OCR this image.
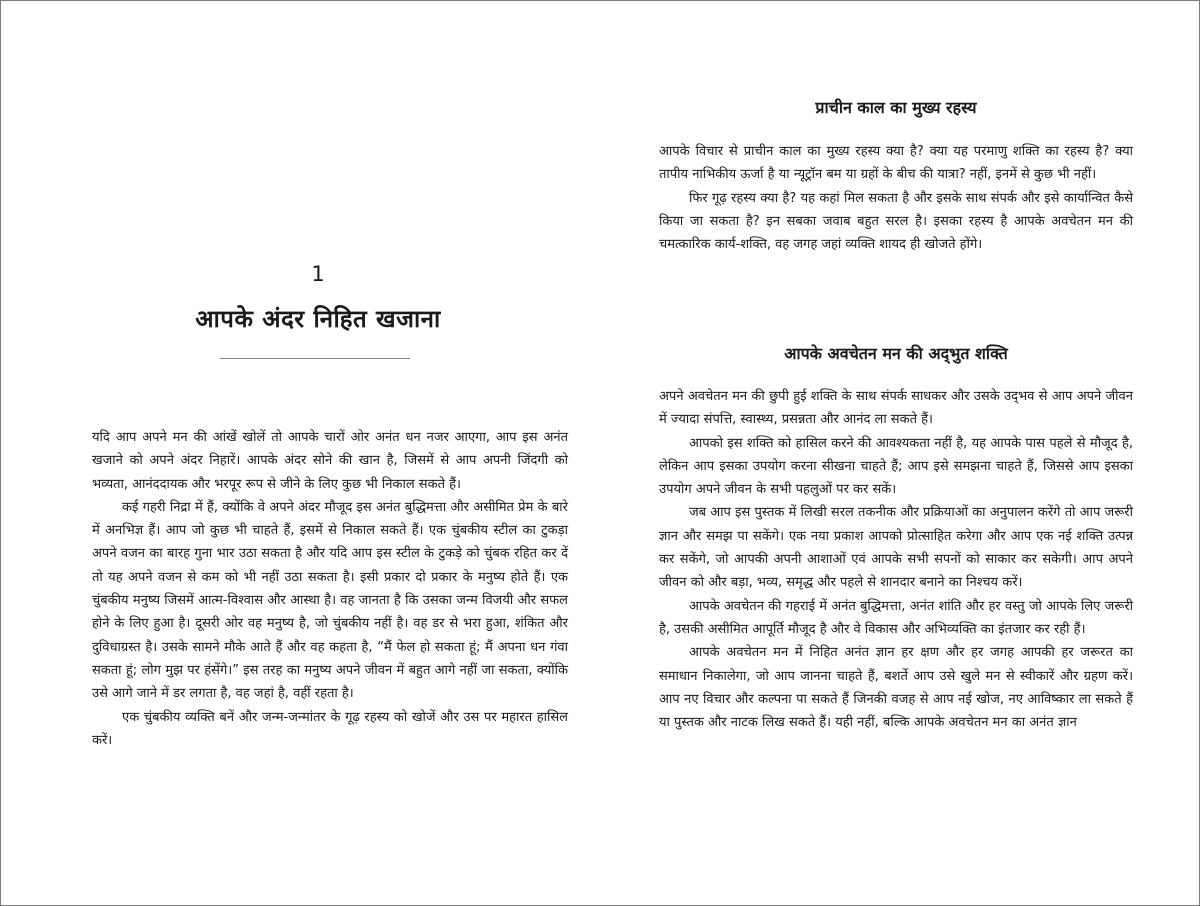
1
आपके अंदर निहित खजाना

यदि आप अपने मन की आंखें खोलें तो आपके चारों ओर अनंत धन नजर आएगा, आप इस अनंत खजाने को अपने अंदर निहारें। आपके अंदर सोने की खान है, जिसमें से आप अपनी जिंदगी को भव्यता, आनंददायक और भरपूर रूप से जीने के लिए कुछ भी निकाल सकते हैं।

कई गहरी निद्रा में हैं, क्योंकि वे अपने अंदर मौजूद इस अनंत बुद्धिमत्ता और असीमित प्रेम के बारे में अनभिज्ञ हैं। आप जो कुछ भी चाहते हैं, इसमें से निकाल सकते हैं। एक चुंबकीय स्टील का टुकड़ा अपने वजन का बारह गुना भार उठा सकता है और यदि आप इस स्टील के टुकड़े को चुंबक रहित कर दें तो यह अपने वजन से कम को भी नहीं उठा सकता है। इसी प्रकार दो प्रकार के मनुष्य होते हैं। एक चुंबकीय मनुष्य जिसमें आत्म-विश्वास और आस्था है। वह जानता है कि उसका जन्म विजयी और सफल होने के लिए हुआ है। दूसरी ओर वह मनुष्य है, जो चुंबकीय नहीं है। वह डर से भरा हुआ, शंकित और दुविधाग्रस्त है। उसके सामने मौके आते हैं और वह कहता है, “मैं फेल हो सकता हूं; मैं अपना धन गंवा सकता हूं; लोग मुझ पर हंसेंगे।” इस तरह का मनुष्य अपने जीवन में बहुत आगे नहीं जा सकता, क्योंकि उसे आगे जाने में डर लगता है, वह जहां है, वहीं रहता है।

एक चुंबकीय व्यक्ति बनें और जन्म-जन्मांतर के गूढ़ रहस्य को खोजें और उस पर महारत हासिल करें।

प्राचीन काल का मुख्य रहस्य

आपके विचार से प्राचीन काल का मुख्य रहस्य क्या है? क्या यह परमाणु शक्ति का रहस्य है? क्या तापीय नाभिकीय ऊर्जा है या न्यूट्रॉन बम या ग्रहों के बीच की यात्रा? नहीं, इनमें से कुछ भी नहीं।

फिर गूढ़ रहस्य क्या है? यह कहां मिल सकता है और इसके साथ संपर्क और इसे कार्यान्वित कैसे किया जा सकता है? इन सबका जवाब बहुत सरल है। इसका रहस्य है आपके अवचेतन मन की चमत्कारिक कार्य-शक्ति, वह जगह जहां व्यक्ति शायद ही खोजते होंगे।

आपके अवचेतन मन की अद्‍भुत शक्ति

अपने अवचेतन मन की छुपी हुई शक्ति के साथ संपर्क साधकर और उसके उद्‍भव से आप अपने जीवन में ज्यादा संपत्ति, स्वास्थ्य, प्रसन्नता और आनंद ला सकते हैं।

आपको इस शक्ति को हासिल करने की आवश्यकता नहीं है, यह आपके पास पहले से मौजूद है, लेकिन आप इसका उपयोग करना सीखना चाहते हैं; आप इसे समझना चाहते हैं, जिससे आप इसका उपयोग अपने जीवन के सभी पहलुओं पर कर सकें।

जब आप इस पुस्तक में लिखी सरल तकनीक और प्रक्रियाओं का अनुपालन करेंगे तो आप जरूरी ज्ञान और समझ पा सकेंगे। एक नया प्रकाश आपको प्रोत्साहित करेगा और आप एक नई शक्ति उत्पन्न कर सकेंगे, जो आपकी अपनी आशाओं एवं आपके सभी सपनों को साकार कर सकेगी। आप अपने जीवन को और बड़ा, भव्य, समृद्ध और पहले से शानदार बनाने का निश्चय करें।

आपके अवचेतन की गहराई में अनंत बुद्धिमत्ता, अनंत शांति और हर वस्तु जो आपके लिए जरूरी है, उसकी असीमित आपूर्ति मौजूद है और वे विकास और अभिव्यक्ति का इंतजार कर रही हैं।

आपके अवचेतन मन में निहित अनंत ज्ञान हर क्षण और हर जगह आपकी हर जरूरत का समाधान निकालेगा, जो आप जानना चाहते हैं, बशर्ते आप उसे खुले मन से स्वीकारें और ग्रहण करें। आप नए विचार और कल्पना पा सकते हैं जिनकी वजह से आप नई खोज, नए आविष्कार ला सकते हैं या पुस्तक और नाटक लिख सकते हैं। यही नहीं, बल्कि आपके अवचेतन मन का अनंत ज्ञान
